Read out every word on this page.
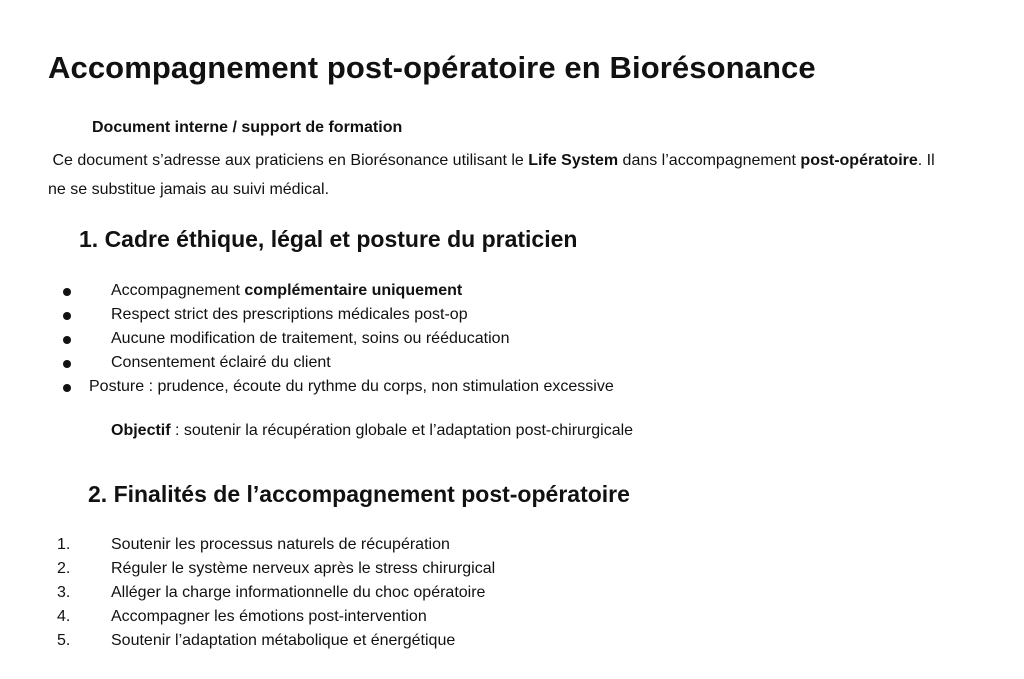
Accompagnement post-opératoire en Biorésonance

Document interne / support de formation

Ce document s’adresse aux praticiens en Biorésonance utilisant le Life System dans l’accompagnement post-opératoire. Il ne se substitue jamais au suivi médical.

1. Cadre éthique, légal et posture du praticien
Accompagnement complémentaire uniquement
Respect strict des prescriptions médicales post-op
Aucune modification de traitement, soins ou rééducation
Consentement éclairé du client
Posture : prudence, écoute du rythme du corps, non stimulation excessive

Objectif : soutenir la récupération globale et l’adaptation post-chirurgicale

2. Finalités de l’accompagnement post-opératoire
1.	Soutenir les processus naturels de récupération
2.	Réguler le système nerveux après le stress chirurgical
3.	Alléger la charge informationnelle du choc opératoire
4.	Accompagner les émotions post-intervention
5.	Soutenir l’adaptation métabolique et énergétique
